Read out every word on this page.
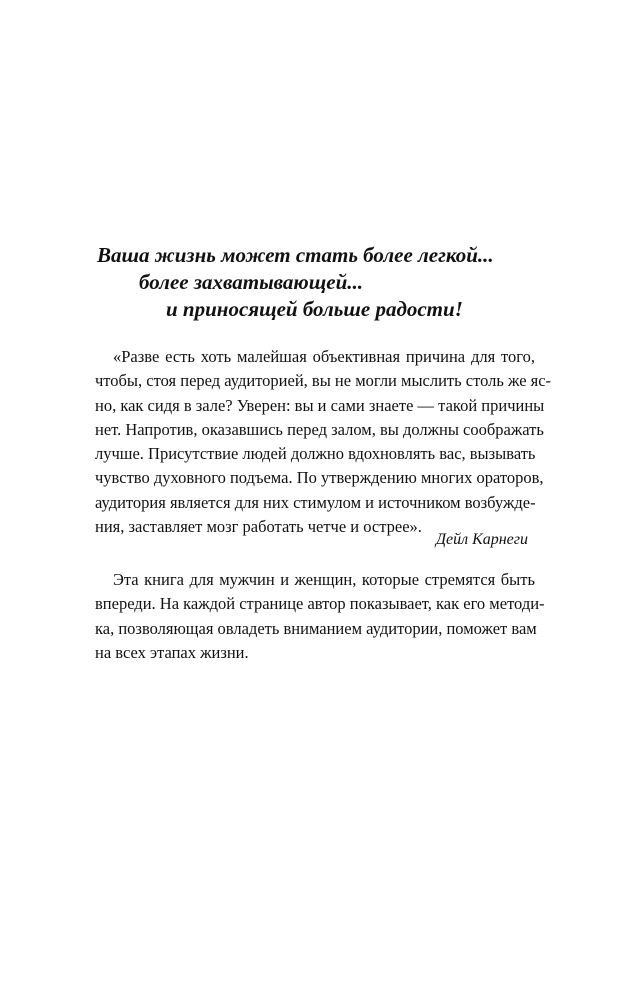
Ваша жизнь может стать более легкой...
более захватывающей...
и приносящей больше радости!
«Разве есть хоть малейшая объективная причина для того,
чтобы, стоя перед аудиторией, вы не могли мыслить столь же яс-
но, как сидя в зале? Уверен: вы и сами знаете — такой причины
нет. Напротив, оказавшись перед залом, вы должны соображать
лучше. Присутствие людей должно вдохновлять вас, вызывать
чувство духовного подъема. По утверждению многих ораторов,
аудитория является для них стимулом и источником возбужде-
ния, заставляет мозг работать четче и острее».
Дейл Карнеги
Эта книга для мужчин и женщин, которые стремятся быть
впереди. На каждой странице автор показывает, как его методи-
ка, позволяющая овладеть вниманием аудитории, поможет вам
на всех этапах жизни.
